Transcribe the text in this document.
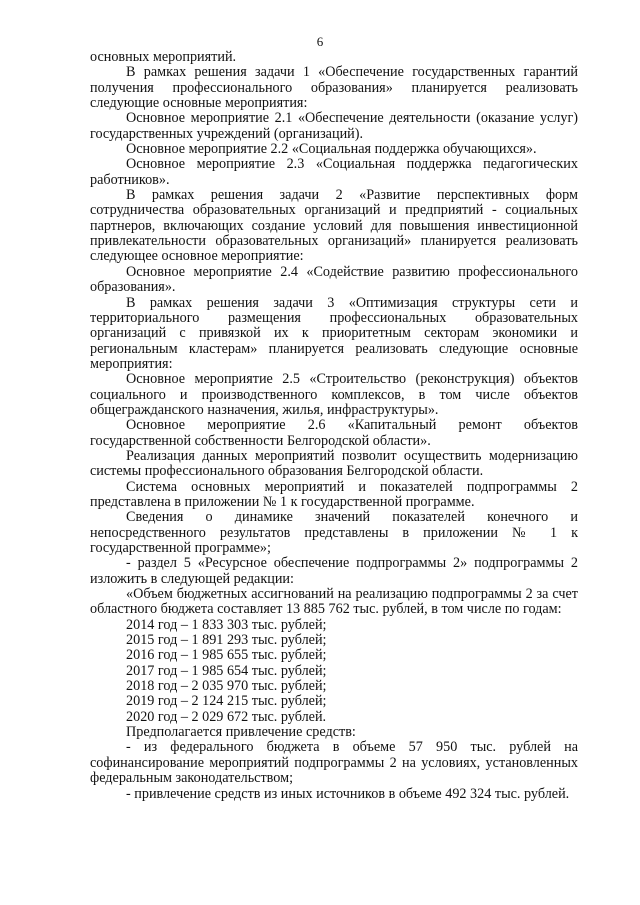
6

основных мероприятий.

В рамках решения задачи 1 «Обеспечение государственных гарантий получения профессионального образования» планируется реализовать следующие основные мероприятия:

Основное мероприятие 2.1 «Обеспечение деятельности (оказание услуг) государственных учреждений (организаций).

Основное мероприятие 2.2 «Социальная поддержка обучающихся».

Основное мероприятие 2.3 «Социальная поддержка педагогических работников».

В рамках решения задачи 2 «Развитие перспективных форм сотрудничества образовательных организаций и предприятий - социальных партнеров, включающих создание условий для повышения инвестиционной привлекательности образовательных организаций» планируется реализовать следующее основное мероприятие:

Основное мероприятие 2.4 «Содействие развитию профессионального образования».

В рамках решения задачи 3 «Оптимизация структуры сети и территориального размещения профессиональных образовательных организаций с привязкой их к приоритетным секторам экономики и региональным кластерам» планируется реализовать следующие основные мероприятия:

Основное мероприятие 2.5 «Строительство (реконструкция) объектов социального и производственного комплексов, в том числе объектов общегражданского назначения, жилья, инфраструктуры».

Основное мероприятие 2.6 «Капитальный ремонт объектов государственной собственности Белгородской области».

Реализация данных мероприятий позволит осуществить модернизацию системы профессионального образования Белгородской области.

Система основных мероприятий и показателей подпрограммы 2 представлена в приложении № 1 к государственной программе.

Сведения о динамике значений показателей конечного и непосредственного результатов представлены в приложении № 1 к государственной программе»;

- раздел 5 «Ресурсное обеспечение подпрограммы 2» подпрограммы 2 изложить в следующей редакции:

«Объем бюджетных ассигнований на реализацию подпрограммы 2 за счет областного бюджета составляет 13 885 762 тыс. рублей, в том числе по годам:

2014 год – 1 833 303 тыс. рублей;

2015 год – 1 891 293 тыс. рублей;

2016 год – 1 985 655 тыс. рублей;

2017 год – 1 985 654 тыс. рублей;

2018 год – 2 035 970 тыс. рублей;

2019 год – 2 124 215 тыс. рублей;

2020 год – 2 029 672 тыс. рублей.

Предполагается привлечение средств:

- из федерального бюджета в объеме 57 950 тыс. рублей на софинансирование мероприятий подпрограммы 2 на условиях, установленных федеральным законодательством;

- привлечение средств из иных источников в объеме 492 324 тыс. рублей.
